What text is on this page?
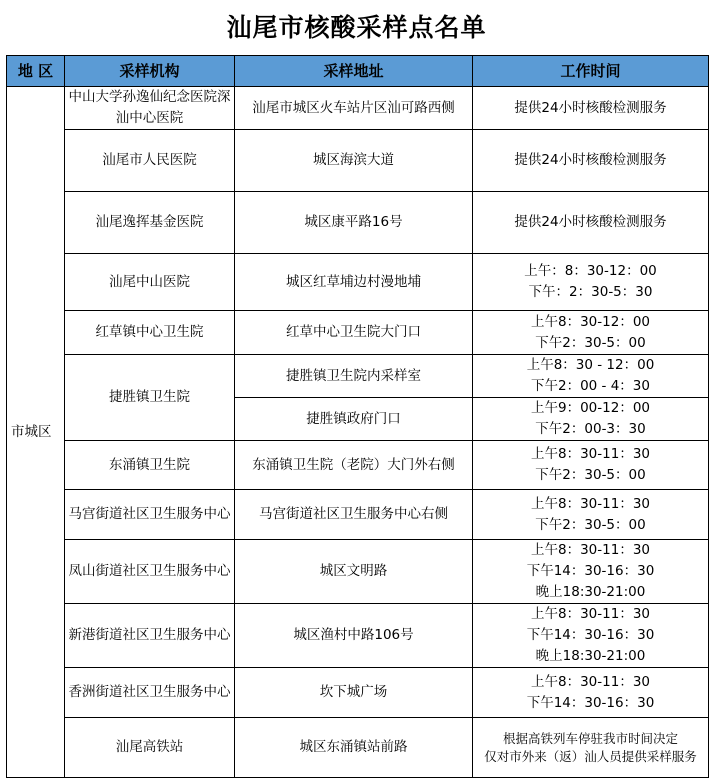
汕尾市核酸采样点名单
地 区	采样机构	采样地址	工作时间
市城区	中山大学孙逸仙纪念医院深汕中心医院	汕尾市城区火车站片区汕可路西侧	提供24小时核酸检测服务

	汕尾市人民医院	城区海滨大道	提供24小时核酸检测服务

	汕尾逸挥基金医院	城区康平路16号	提供24小时核酸检测服务

	汕尾中山医院	城区红草埔边村漫地埔	上午：8：30-12：00
下午：2：30-5：30

	红草镇中心卫生院	红草中心卫生院大门口	上午8：30-12：00
下午2：30-5：00

	捷胜镇卫生院	捷胜镇卫生院内采样室	上午8：30 - 12：00
下午2：00 - 4：30

		捷胜镇政府门口	上午9：00-12：00
下午2：00-3：30

	东涌镇卫生院	东涌镇卫生院（老院）大门外右侧	上午8：30-11：30
下午2：30-5：00

	马宫街道社区卫生服务中心	马宫街道社区卫生服务中心右侧	上午8：30-11：30
下午2：30-5：00

	凤山街道社区卫生服务中心	城区文明路	上午8：30-11：30
下午14：30-16：30
晚上18:30-21:00

	新港街道社区卫生服务中心	城区渔村中路106号	上午8：30-11：30
下午14：30-16：30
晚上18:30-21:00

	香洲街道社区卫生服务中心	坎下城广场	上午8：30-11：30
下午14：30-16：30

	汕尾高铁站	城区东涌镇站前路	根据高铁列车停驻我市时间决定
仅对市外来（返）汕人员提供采样服务
